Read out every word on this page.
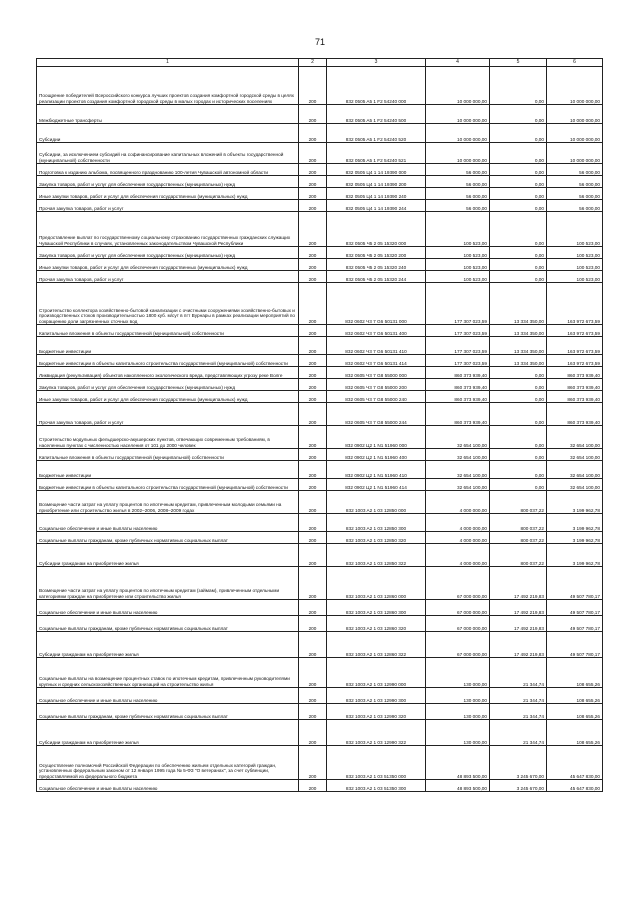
71
1	2	3	4	5	6
Поощрение победителей Всероссийского конкурса лучших проектов создания комфортной городской среды в целях реализации проектов создания комфортной городской среды в малых городах и исторических поселениях	200	832 0505 A5 1 F2 54240 000	10 000 000,00	0,00	10 000 000,00
Межбюджетные трансферты	200	832 0505 A5 1 F2 54240 500	10 000 000,00	0,00	10 000 000,00
Субсидии	200	832 0505 A5 1 F2 54240 520	10 000 000,00	0,00	10 000 000,00
Субсидии, за исключением субсидий на софинансирование капитальных вложений в объекты государственной (муниципальной) собственности	200	832 0505 A5 1 F2 54240 521	10 000 000,00	0,00	10 000 000,00
Подготовка к изданию альбома, посвященного празднованию 100-летия Чувашской автономной области	200	832 0505 Ц4 1 14 19390 000	56 000,00	0,00	56 000,00
Закупка товаров, работ и услуг для обеспечения государственных (муниципальных) нужд	200	832 0505 Ц4 1 14 19390 200	56 000,00	0,00	56 000,00
Иные закупки товаров, работ и услуг для обеспечения государственных (муниципальных) нужд	200	832 0505 Ц4 1 14 19390 240	56 000,00	0,00	56 000,00
Прочая закупка товаров, работ и услуг	200	832 0505 Ц4 1 14 19390 244	56 000,00	0,00	56 000,00
Предоставление выплат по государственному социальному страхованию государственных гражданских служащих Чувашской Республики в случаях, установленных законодательством Чувашской Республики	200	832 0505 Ч5 2 05 15320 000	100 523,00	0,00	100 523,00
Закупка товаров, работ и услуг для обеспечения государственных (муниципальных) нужд	200	832 0505 Ч5 2 05 15320 200	100 523,00	0,00	100 523,00
Иные закупки товаров, работ и услуг для обеспечения государственных (муниципальных) нужд	200	832 0505 Ч5 2 05 15320 240	100 523,00	0,00	100 523,00
Прочая закупка товаров, работ и услуг	200	832 0505 Ч5 2 05 15320 244	100 523,00	0,00	100 523,00
Строительство коллектора хозяйственно-бытовой канализации с очистными сооружениями хозяйственно-бытовых и производственных стоков производительностью 1800 куб. м/сут в пгт Вурнары в рамках реализации мероприятий по сокращению доли загрязненных сточных вод	200	832 0602 Ч3 7 G6 50131 000	177 307 023,59	13 334 350,00	163 972 673,59
Капитальные вложения в объекты государственной (муниципальной) собственности	200	832 0602 Ч3 7 G6 50131 400	177 307 023,59	13 334 350,00	163 972 673,59
Бюджетные инвестиции	200	832 0602 Ч3 7 G6 50131 410	177 307 023,59	13 334 350,00	163 972 673,59
Бюджетные инвестиции в объекты капитального строительства государственной (муниципальной) собственности	200	832 0602 Ч3 7 G6 50131 414	177 307 023,59	13 334 350,00	163 972 673,59
Ликвидация (рекультивация) объектов накопленного экологического вреда, представляющих угрозу реке Волге	200	832 0605 Ч3 7 G8 55000 000	860 373 939,40	0,00	860 373 939,40
Закупка товаров, работ и услуг для обеспечения государственных (муниципальных) нужд	200	832 0605 Ч3 7 G8 55000 200	860 373 939,40	0,00	860 373 939,40
Иные закупки товаров, работ и услуг для обеспечения государственных (муниципальных) нужд	200	832 0605 Ч3 7 G8 55000 240	860 373 939,40	0,00	860 373 939,40
Прочая закупка товаров, работ и услуг	200	832 0605 Ч3 7 G8 55000 244	860 373 939,40	0,00	860 373 939,40
Строительство модульных фельдшерско-акушерских пунктов, отвечающих современным требованиям, в населенных пунктах с численностью населения от 101 до 2000 человек	200	832 0902 Ц2 1 N1 51960 000	32 654 100,00	0,00	32 654 100,00
Капитальные вложения в объекты государственной (муниципальной) собственности	200	832 0902 Ц2 1 N1 51960 400	32 654 100,00	0,00	32 654 100,00
Бюджетные инвестиции	200	832 0902 Ц2 1 N1 51960 410	32 654 100,00	0,00	32 654 100,00
Бюджетные инвестиции в объекты капитального строительства государственной (муниципальной) собственности	200	832 0902 Ц2 1 N1 51960 414	32 654 100,00	0,00	32 654 100,00
Возмещение части затрат на уплату процентов по ипотечным кредитам, привлеченным молодыми семьями на приобретение или строительство жилья в 2002–2006, 2008–2009 годах	200	832 1003 A2 1 03 12850 000	4 000 000,00	800 037,22	3 199 962,78
Социальное обеспечение и иные выплаты населению	200	832 1003 A2 1 03 12850 300	4 000 000,00	800 037,22	3 199 962,78
Социальные выплаты гражданам, кроме публичных нормативных социальных выплат	200	832 1003 A2 1 03 12850 320	4 000 000,00	800 037,22	3 199 962,78
Субсидии гражданам на приобретение жилья	200	832 1003 A2 1 03 12850 322	4 000 000,00	800 037,22	3 199 962,78
Возмещение части затрат на уплату процентов по ипотечным кредитам (займам), привлеченным отдельными категориями граждан на приобретение или строительство жилья	200	832 1003 A2 1 03 12860 000	67 000 000,00	17 492 219,83	49 507 780,17
Социальное обеспечение и иные выплаты населению	200	832 1003 A2 1 03 12860 300	67 000 000,00	17 492 219,83	49 507 780,17
Социальные выплаты гражданам, кроме публичных нормативных социальных выплат	200	832 1003 A2 1 03 12860 320	67 000 000,00	17 492 219,83	49 507 780,17
Субсидии гражданам на приобретение жилья	200	832 1003 A2 1 03 12860 322	67 000 000,00	17 492 219,83	49 507 780,17
Социальные выплаты на возмещение процентных ставок по ипотечным кредитам, привлеченным руководителями крупных и средних сельскохозяйственных организаций на строительство жилья	200	832 1003 A2 1 03 12990 000	130 000,00	21 344,74	108 655,26
Социальное обеспечение и иные выплаты населению	200	832 1003 A2 1 03 12990 300	130 000,00	21 344,74	108 655,26
Социальные выплаты гражданам, кроме публичных нормативных социальных выплат	200	832 1003 A2 1 03 12990 320	130 000,00	21 344,74	108 655,26
Субсидии гражданам на приобретение жилья	200	832 1003 A2 1 03 12990 322	130 000,00	21 344,74	108 655,26
Осуществление полномочий Российской Федерации по обеспечению жильем отдельных категорий граждан, установленных федеральным законом от 12 января 1995 года № 5-ФЗ "О ветеранах", за счет субвенции, предоставляемой из федерального бюджета	200	832 1003 A2 1 03 51350 000	48 893 500,00	3 245 670,00	45 647 830,00
Социальное обеспечение и иные выплаты населению	200	832 1003 A2 1 03 51350 300	48 893 500,00	3 245 670,00	45 647 830,00
